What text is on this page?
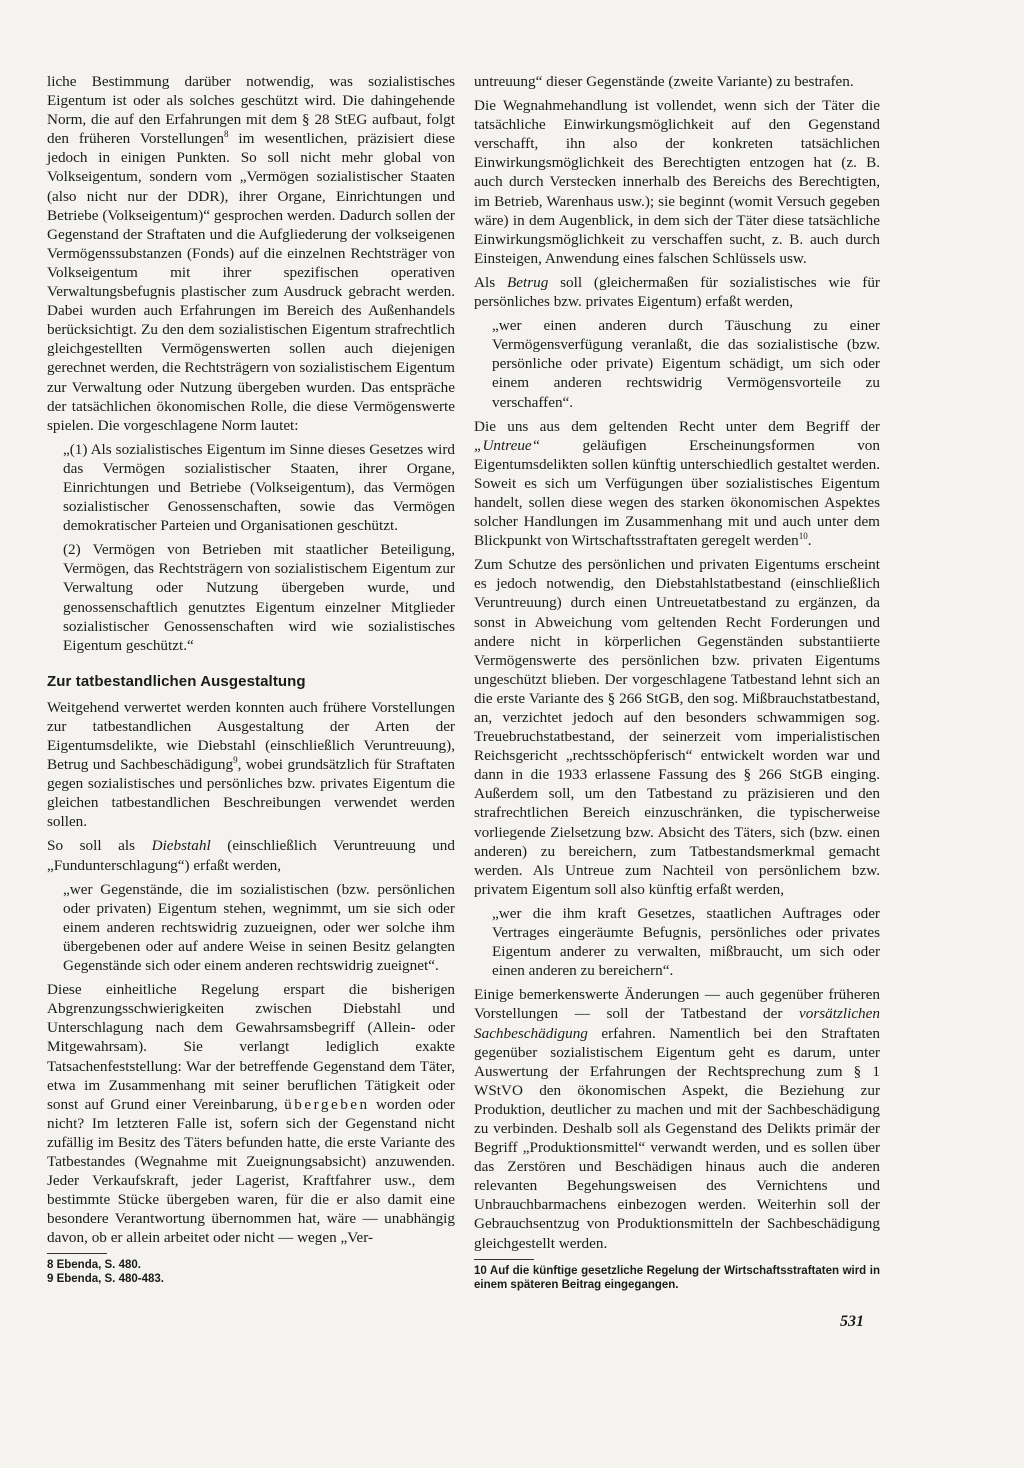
liche Bestimmung darüber notwendig, was sozialistisches Eigentum ist oder als solches geschützt wird. Die dahingehende Norm, die auf den Erfahrungen mit dem § 28 StEG aufbaut, folgt den früheren Vorstellungen$^8$ im wesentlichen, präzisiert diese jedoch in einigen Punkten. So soll nicht mehr global von Volkseigentum, sondern vom „Vermögen sozialistischer Staaten (also nicht nur der DDR), ihrer Organe, Einrichtungen und Betriebe (Volkseigentum)“ gesprochen werden. Dadurch sollen der Gegenstand der Straftaten und die Aufgliederung der volkseigenen Vermögenssubstanzen (Fonds) auf die einzelnen Rechtsträger von Volkseigentum mit ihrer spezifischen operativen Verwaltungsbefugnis plastischer zum Ausdruck gebracht werden. Dabei wurden auch Erfahrungen im Bereich des Außenhandels berücksichtigt. Zu den dem sozialistischen Eigentum strafrechtlich gleichgestellten Vermögenswerten sollen auch diejenigen gerechnet werden, die Rechtsträgern von sozialistischem Eigentum zur Verwaltung oder Nutzung übergeben wurden. Das entspräche der tatsächlichen ökonomischen Rolle, die diese Vermögenswerte spielen. Die vorgeschlagene Norm lautet:

„(1) Als sozialistisches Eigentum im Sinne dieses Gesetzes wird das Vermögen sozialistischer Staaten, ihrer Organe, Einrichtungen und Betriebe (Volkseigentum), das Vermögen sozialistischer Genossenschaften, sowie das Vermögen demokratischer Parteien und Organisationen geschützt.

(2) Vermögen von Betrieben mit staatlicher Beteiligung, Vermögen, das Rechtsträgern von sozialistischem Eigentum zur Verwaltung oder Nutzung übergeben wurde, und genossenschaftlich genutztes Eigentum einzelner Mitglieder sozialistischer Genossenschaften wird wie sozialistisches Eigentum geschützt.“

Zur tatbestandlichen Ausgestaltung

Weitgehend verwertet werden konnten auch frühere Vorstellungen zur tatbestandlichen Ausgestaltung der Arten der Eigentumsdelikte, wie Diebstahl (einschließlich Veruntreuung), Betrug und Sachbeschädigung$^9$, wobei grundsätzlich für Straftaten gegen sozialistisches und persönliches bzw. privates Eigentum die gleichen tatbestandlichen Beschreibungen verwendet werden sollen.

So soll als Diebstahl (einschließlich Veruntreuung und „Fundunterschlagung“) erfaßt werden,

„wer Gegenstände, die im sozialistischen (bzw. persönlichen oder privaten) Eigentum stehen, wegnimmt, um sie sich oder einem anderen rechtswidrig zuzueignen, oder wer solche ihm übergebenen oder auf andere Weise in seinen Besitz gelangten Gegenstände sich oder einem anderen rechtswidrig zueignet“.

Diese einheitliche Regelung erspart die bisherigen Abgrenzungsschwierigkeiten zwischen Diebstahl und Unterschlagung nach dem Gewahrsamsbegriff (Allein- oder Mitgewahrsam). Sie verlangt lediglich exakte Tatsachenfeststellung: War der betreffende Gegenstand dem Täter, etwa im Zusammenhang mit seiner beruflichen Tätigkeit oder sonst auf Grund einer Vereinbarung, übergeben worden oder nicht? Im letzteren Falle ist, sofern sich der Gegenstand nicht zufällig im Besitz des Täters befunden hatte, die erste Variante des Tatbestandes (Wegnahme mit Zueignungsabsicht) anzuwenden. Jeder Verkaufskraft, jeder Lagerist, Kraftfahrer usw., dem bestimmte Stücke übergeben waren, für die er also damit eine besondere Verantwortung übernommen hat, wäre — unabhängig davon, ob er allein arbeitet oder nicht — wegen „Ver-

8 Ebenda, S. 480.

9 Ebenda, S. 480-483.

untreuung“ dieser Gegenstände (zweite Variante) zu bestrafen.

Die Wegnahmehandlung ist vollendet, wenn sich der Täter die tatsächliche Einwirkungsmöglichkeit auf den Gegenstand verschafft, ihn also der konkreten tatsächlichen Einwirkungsmöglichkeit des Berechtigten entzogen hat (z. B. auch durch Verstecken innerhalb des Bereichs des Berechtigten, im Betrieb, Warenhaus usw.); sie beginnt (womit Versuch gegeben wäre) in dem Augenblick, in dem sich der Täter diese tatsächliche Einwirkungsmöglichkeit zu verschaffen sucht, z. B. auch durch Einsteigen, Anwendung eines falschen Schlüssels usw.

Als Betrug soll (gleichermaßen für sozialistisches wie für persönliches bzw. privates Eigentum) erfaßt werden,

„wer einen anderen durch Täuschung zu einer Vermögensverfügung veranlaßt, die das sozialistische (bzw. persönliche oder private) Eigentum schädigt, um sich oder einem anderen rechtswidrig Vermögensvorteile zu verschaffen“.

Die uns aus dem geltenden Recht unter dem Begriff der „Untreue“ geläufigen Erscheinungsformen von Eigentumsdelikten sollen künftig unterschiedlich gestaltet werden. Soweit es sich um Verfügungen über sozialistisches Eigentum handelt, sollen diese wegen des starken ökonomischen Aspektes solcher Handlungen im Zusammenhang mit und auch unter dem Blickpunkt von Wirtschaftsstraftaten geregelt werden$^{10}$.

Zum Schutze des persönlichen und privaten Eigentums erscheint es jedoch notwendig, den Diebstahlstatbestand (einschließlich Veruntreuung) durch einen Untreuetatbestand zu ergänzen, da sonst in Abweichung vom geltenden Recht Forderungen und andere nicht in körperlichen Gegenständen substantiierte Vermögenswerte des persönlichen bzw. privaten Eigentums ungeschützt blieben. Der vorgeschlagene Tatbestand lehnt sich an die erste Variante des § 266 StGB, den sog. Mißbrauchstatbestand, an, verzichtet jedoch auf den besonders schwammigen sog. Treuebruchstatbestand, der seinerzeit vom imperialistischen Reichsgericht „rechtsschöpferisch“ entwickelt worden war und dann in die 1933 erlassene Fassung des § 266 StGB einging. Außerdem soll, um den Tatbestand zu präzisieren und den strafrechtlichen Bereich einzuschränken, die typischerweise vorliegende Zielsetzung bzw. Absicht des Täters, sich (bzw. einen anderen) zu bereichern, zum Tatbestandsmerkmal gemacht werden. Als Untreue zum Nachteil von persönlichem bzw. privatem Eigentum soll also künftig erfaßt werden,

„wer die ihm kraft Gesetzes, staatlichen Auftrages oder Vertrages eingeräumte Befugnis, persönliches oder privates Eigentum anderer zu verwalten, mißbraucht, um sich oder einen anderen zu bereichern“.

Einige bemerkenswerte Änderungen — auch gegenüber früheren Vorstellungen — soll der Tatbestand der vorsätzlichen Sachbeschädigung erfahren. Namentlich bei den Straftaten gegenüber sozialistischem Eigentum geht es darum, unter Auswertung der Erfahrungen der Rechtsprechung zum § 1 WStVO den ökonomischen Aspekt, die Beziehung zur Produktion, deutlicher zu machen und mit der Sachbeschädigung zu verbinden. Deshalb soll als Gegenstand des Delikts primär der Begriff „Produktionsmittel“ verwandt werden, und es sollen über das Zerstören und Beschädigen hinaus auch die anderen relevanten Begehungsweisen des Vernichtens und Unbrauchbarmachens einbezogen werden. Weiterhin soll der Gebrauchsentzug von Produktionsmitteln der Sachbeschädigung gleichgestellt werden.

10 Auf die künftige gesetzliche Regelung der Wirtschaftsstraftaten wird in einem späteren Beitrag eingegangen.

531
